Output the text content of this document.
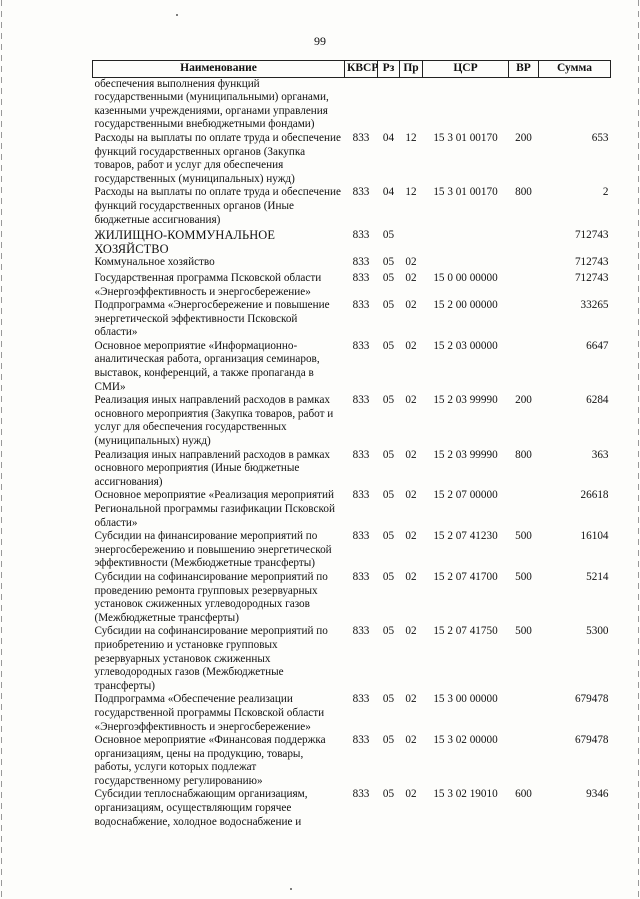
99
Наименование	КВСР	Рз	Пр	ЦСР	ВР	Сумма
обеспечения выполнения функций государственными (муниципальными) органами, казенными учреждениями, органами управления государственными внебюджетными фондами)						
Расходы на выплаты по оплате труда и обеспечение функций государственных органов (Закупка товаров, работ и услуг для обеспечения государственных (муниципальных) нужд)	833	04	12	15 3 01 00170	200	653
Расходы на выплаты по оплате труда и обеспечение функций государственных органов (Иные бюджетные ассигнования)	833	04	12	15 3 01 00170	800	2
ЖИЛИЩНО-КОММУНАЛЬНОЕ ХОЗЯЙСТВО	833	05				712743
Коммунальное хозяйство	833	05	02			712743
Государственная программа Псковской области «Энергоэффективность и энергосбережение»	833	05	02	15 0 00 00000		712743
Подпрограмма «Энергосбережение и повышение энергетической эффективности Псковской области»	833	05	02	15 2 00 00000		33265
Основное мероприятие «Информационно-аналитическая работа, организация семинаров, выставок, конференций, а также пропаганда в СМИ»	833	05	02	15 2 03 00000		6647
Реализация иных направлений расходов в рамках основного мероприятия (Закупка товаров, работ и услуг для обеспечения государственных (муниципальных) нужд)	833	05	02	15 2 03 99990	200	6284
Реализация иных направлений расходов в рамках основного мероприятия (Иные бюджетные ассигнования)	833	05	02	15 2 03 99990	800	363
Основное мероприятие «Реализация мероприятий Региональной программы газификации Псковской области»	833	05	02	15 2 07 00000		26618
Субсидии на финансирование мероприятий по энергосбережению и повышению энергетической эффективности (Межбюджетные трансферты)	833	05	02	15 2 07 41230	500	16104
Субсидии на софинансирование мероприятий по проведению ремонта групповых резервуарных установок сжиженных углеводородных газов (Межбюджетные трансферты)	833	05	02	15 2 07 41700	500	5214
Субсидии на софинансирование мероприятий по приобретению и установке групповых резервуарных установок сжиженных углеводородных газов (Межбюджетные трансферты)	833	05	02	15 2 07 41750	500	5300
Подпрограмма «Обеспечение реализации государственной программы Псковской области «Энергоэффективность и энергосбережение»	833	05	02	15 3 00 00000		679478
Основное мероприятие «Финансовая поддержка организациям, цены на продукцию, товары, работы, услуги которых подлежат государственному регулированию»	833	05	02	15 3 02 00000		679478
Субсидии теплоснабжающим организациям, организациям, осуществляющим горячее водоснабжение, холодное водоснабжение и	833	05	02	15 3 02 19010	600	9346
